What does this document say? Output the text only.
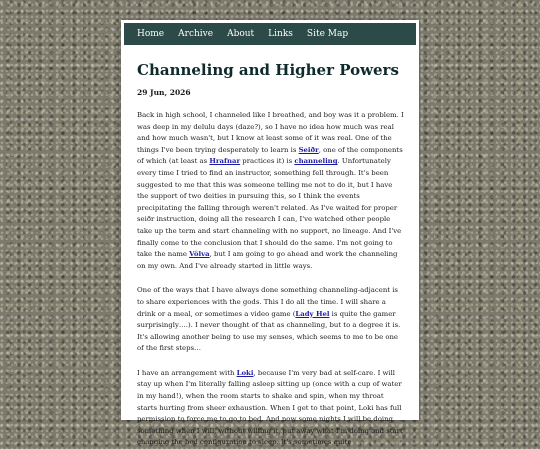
Home Archive About Links Site Map
Channeling and Higher Powers
29 Jun, 2026

Back in high school, I channeled like I breathed, and boy was it a problem. I was deep in my delulu days (daze?), so I have no idea how much was real and how much wasn't, but I know at least some of it was real. One of the things I've been trying desperately to learn is Seiðr, one of the components of which (at least as Hrafnar practices it) is channeling. Unfortunately every time I tried to find an instructor, something fell through. It's been suggested to me that this was someone telling me not to do it, but I have the support of two deities in pursuing this, so I think the events precipitating the falling through weren't related. As I've waited for proper seiðr instruction, doing all the research I can, I've watched other people take up the term and start channeling with no support, no lineage. And I've finally come to the conclusion that I should do the same. I'm not going to take the name Völva, but I am going to go ahead and work the channeling on my own. And I've already started in little ways.

One of the ways that I have always done something channeling-adjacent is to share experiences with the gods. This I do all the time. I will share a drink or a meal, or sometimes a video game (Lady Hel is quite the gamer surprisingly….). I never thought of that as channeling, but to a degree it is. It's allowing another being to use my senses, which seems to me to be one of the first steps…

I have an arrangement with Loki, because I'm very bad at self-care. I will stay up when I'm literally falling asleep sitting up (once with a cup of water in my hand!), when the room starts to shake and spin, when my throat starts hurting from sheer exhaustion. When I get to that point, Loki has full permission to force me to go to bed. And now some nights I will be doing something when I will, without willing it, put away what I'm doing and start changing the bed configuration to sleep. It's sometimes quite
